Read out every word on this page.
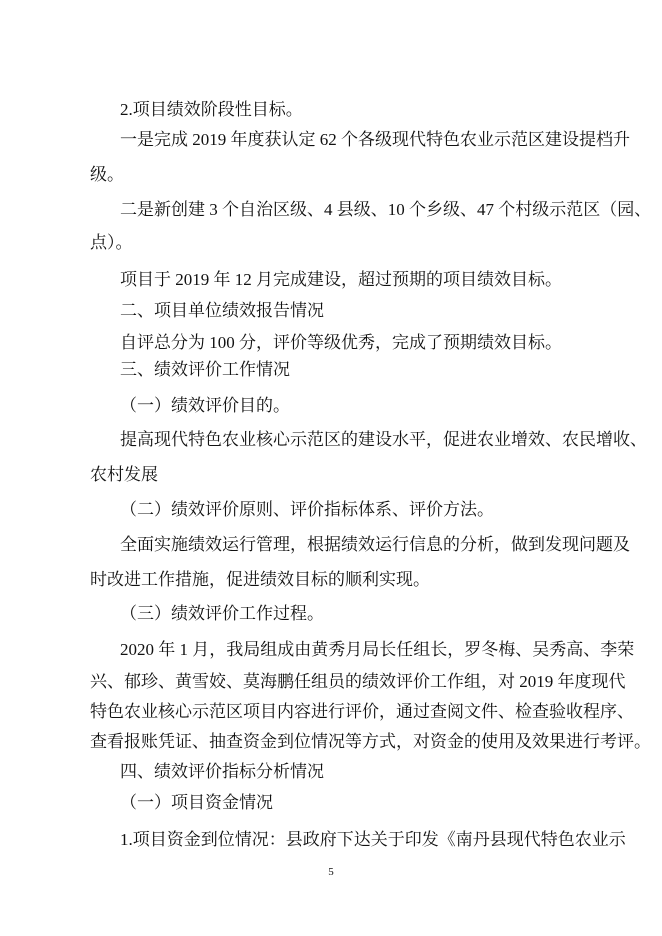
2.项目绩效阶段性目标。
一是完成 2019 年度获认定 62 个各级现代特色农业示范区建设提档升
级。
二是新创建 3 个自治区级、4 县级、10 个乡级、47 个村级示范区（园、
点）。
项目于 2019 年 12 月完成建设，超过预期的项目绩效目标。
二、项目单位绩效报告情况
自评总分为 100 分，评价等级优秀，完成了预期绩效目标。
三、绩效评价工作情况
（一）绩效评价目的。
提高现代特色农业核心示范区的建设水平，促进农业增效、农民增收、
农村发展
（二）绩效评价原则、评价指标体系、评价方法。
全面实施绩效运行管理，根据绩效运行信息的分析，做到发现问题及
时改进工作措施，促进绩效目标的顺利实现。
（三）绩效评价工作过程。
2020 年 1 月，我局组成由黄秀月局长任组长，罗冬梅、吴秀高、李荣
兴、郁珍、黄雪姣、莫海鹏任组员的绩效评价工作组，对 2019 年度现代
特色农业核心示范区项目内容进行评价，通过查阅文件、检查验收程序、
查看报账凭证、抽查资金到位情况等方式，对资金的使用及效果进行考评。
四、绩效评价指标分析情况
（一）项目资金情况
1.项目资金到位情况：县政府下达关于印发《南丹县现代特色农业示
5
